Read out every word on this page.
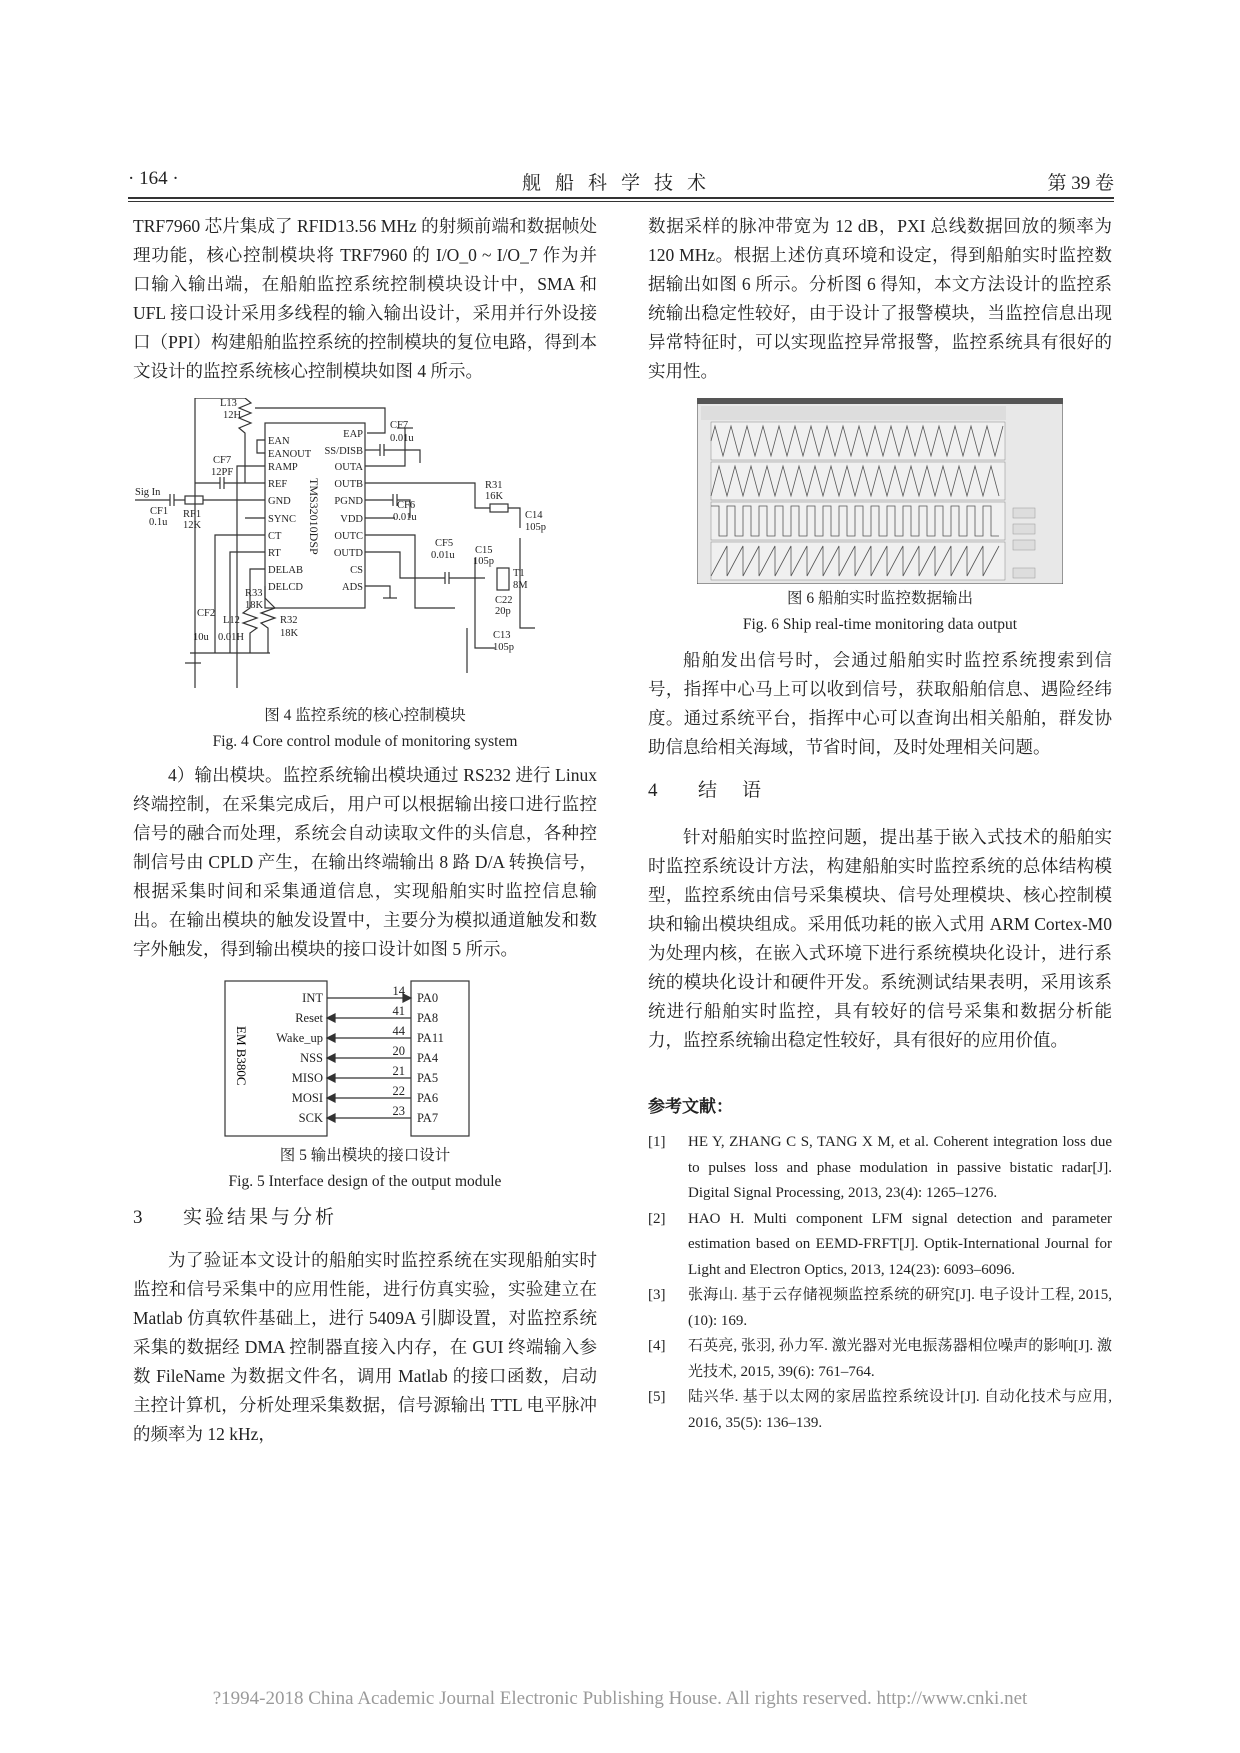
· 164 ·	舰船科学技术	第 39 卷

TRF7960 芯片集成了 RFID13.56 MHz 的射频前端和数据帧处理功能，核心控制模块将 TRF7960 的 I/O_0 ~ I/O_7 作为并口输入输出端，在船舶监控系统控制模块设计中，SMA 和 UFL 接口设计采用多线程的输入输出设计，采用并行外设接口（PPI）构建船舶监控系统的控制模块的复位电路，得到本文设计的监控系统核心控制模块如图 4 所示。

TMS32010DSP
L13
12H
CF7
12PF
Sig In
CF1
0.1u
RF1
12K
CF7
0.01u
CF6
0.01u
R31
16K
C14
105p
CF5
0.01u C15
105p
T1
8M
C22
20p
C13
105p
CF2
10u
L12
0.01H
R33
18K
R32
18K
EAN
EANOUT
RAMP
REF
GND
SYNC
CT
RT
DELAB
DELCD
EAP
SS/DISB
OUTA
OUTB
PGND
VDD
OUTC
OUTD
CS
ADS
图 4 监控系统的核心控制模块
Fig. 4 Core control module of monitoring system

4）输出模块。监控系统输出模块通过 RS232 进行 Linux 终端控制，在采集完成后，用户可以根据输出接口进行监控信号的融合而处理，系统会自动读取文件的头信息，各种控制信号由 CPLD 产生，在输出终端输出 8 路 D/A 转换信号，根据采集时间和采集通道信息，实现船舶实时监控信息输出。在输出模块的触发设置中，主要分为模拟通道触发和数字外触发，得到输出模块的接口设计如图 5 所示。

EM B380C
INT
Reset
Wake_up
NSS
MISO
MOSI
SCK
14
41
44
20
21
22
23
PA0
PA8
PA11
PA4
PA5
PA6
PA7
图 5 输出模块的接口设计
Fig. 5 Interface design of the output module

3 实验结果与分析

为了验证本文设计的船舶实时监控系统在实现船舶实时监控和信号采集中的应用性能，进行仿真实验，实验建立在 Matlab 仿真软件基础上，进行 5409A 引脚设置，对监控系统采集的数据经 DMA 控制器直接入内存，在 GUI 终端输入参数 FileName 为数据文件名，调用 Matlab 的接口函数，启动主控计算机，分析处理采集数据，信号源输出 TTL 电平脉冲的频率为 12 kHz，

数据采样的脉冲带宽为 12 dB，PXI 总线数据回放的频率为 120 MHz。根据上述仿真环境和设定，得到船舶实时监控数据输出如图 6 所示。分析图 6 得知，本文方法设计的监控系统输出稳定性较好，由于设计了报警模块，当监控信息出现异常特征时，可以实现监控异常报警，监控系统具有很好的实用性。

图 6 船舶实时监控数据输出
Fig. 6 Ship real-time monitoring data output

船舶发出信号时，会通过船舶实时监控系统搜索到信号，指挥中心马上可以收到信号，获取船舶信息、遇险经纬度。通过系统平台，指挥中心可以查询出相关船舶，群发协助信息给相关海域，节省时间，及时处理相关问题。

4 结　语

针对船舶实时监控问题，提出基于嵌入式技术的船舶实时监控系统设计方法，构建船舶实时监控系统的总体结构模型，监控系统由信号采集模块、信号处理模块、核心控制模块和输出模块组成。采用低功耗的嵌入式用 ARM Cortex-M0 为处理内核，在嵌入式环境下进行系统模块化设计，进行系统的模块化设计和硬件开发。系统测试结果表明，采用该系统进行船舶实时监控，具有较好的信号采集和数据分析能力，监控系统输出稳定性较好，具有很好的应用价值。

参考文献：

[1] HE Y, ZHANG C S, TANG X M, et al. Coherent integration loss due to pulses loss and phase modulation in passive bistatic radar[J]. Digital Signal Processing, 2013, 23(4): 1265–1276.
[2] HAO H. Multi component LFM signal detection and parameter estimation based on EEMD-FRFT[J]. Optik-International Journal for Light and Electron Optics, 2013, 124(23): 6093–6096.
[3] 张海山. 基于云存储视频监控系统的研究[J]. 电子设计工程, 2015, (10): 169.
[4] 石英亮, 张羽, 孙力军. 激光器对光电振荡器相位噪声的影响[J]. 激光技术, 2015, 39(6): 761–764.
[5] 陆兴华. 基于以太网的家居监控系统设计[J]. 自动化技术与应用, 2016, 35(5): 136–139.
?1994-2018 China Academic Journal Electronic Publishing House. All rights reserved. http://www.cnki.net
